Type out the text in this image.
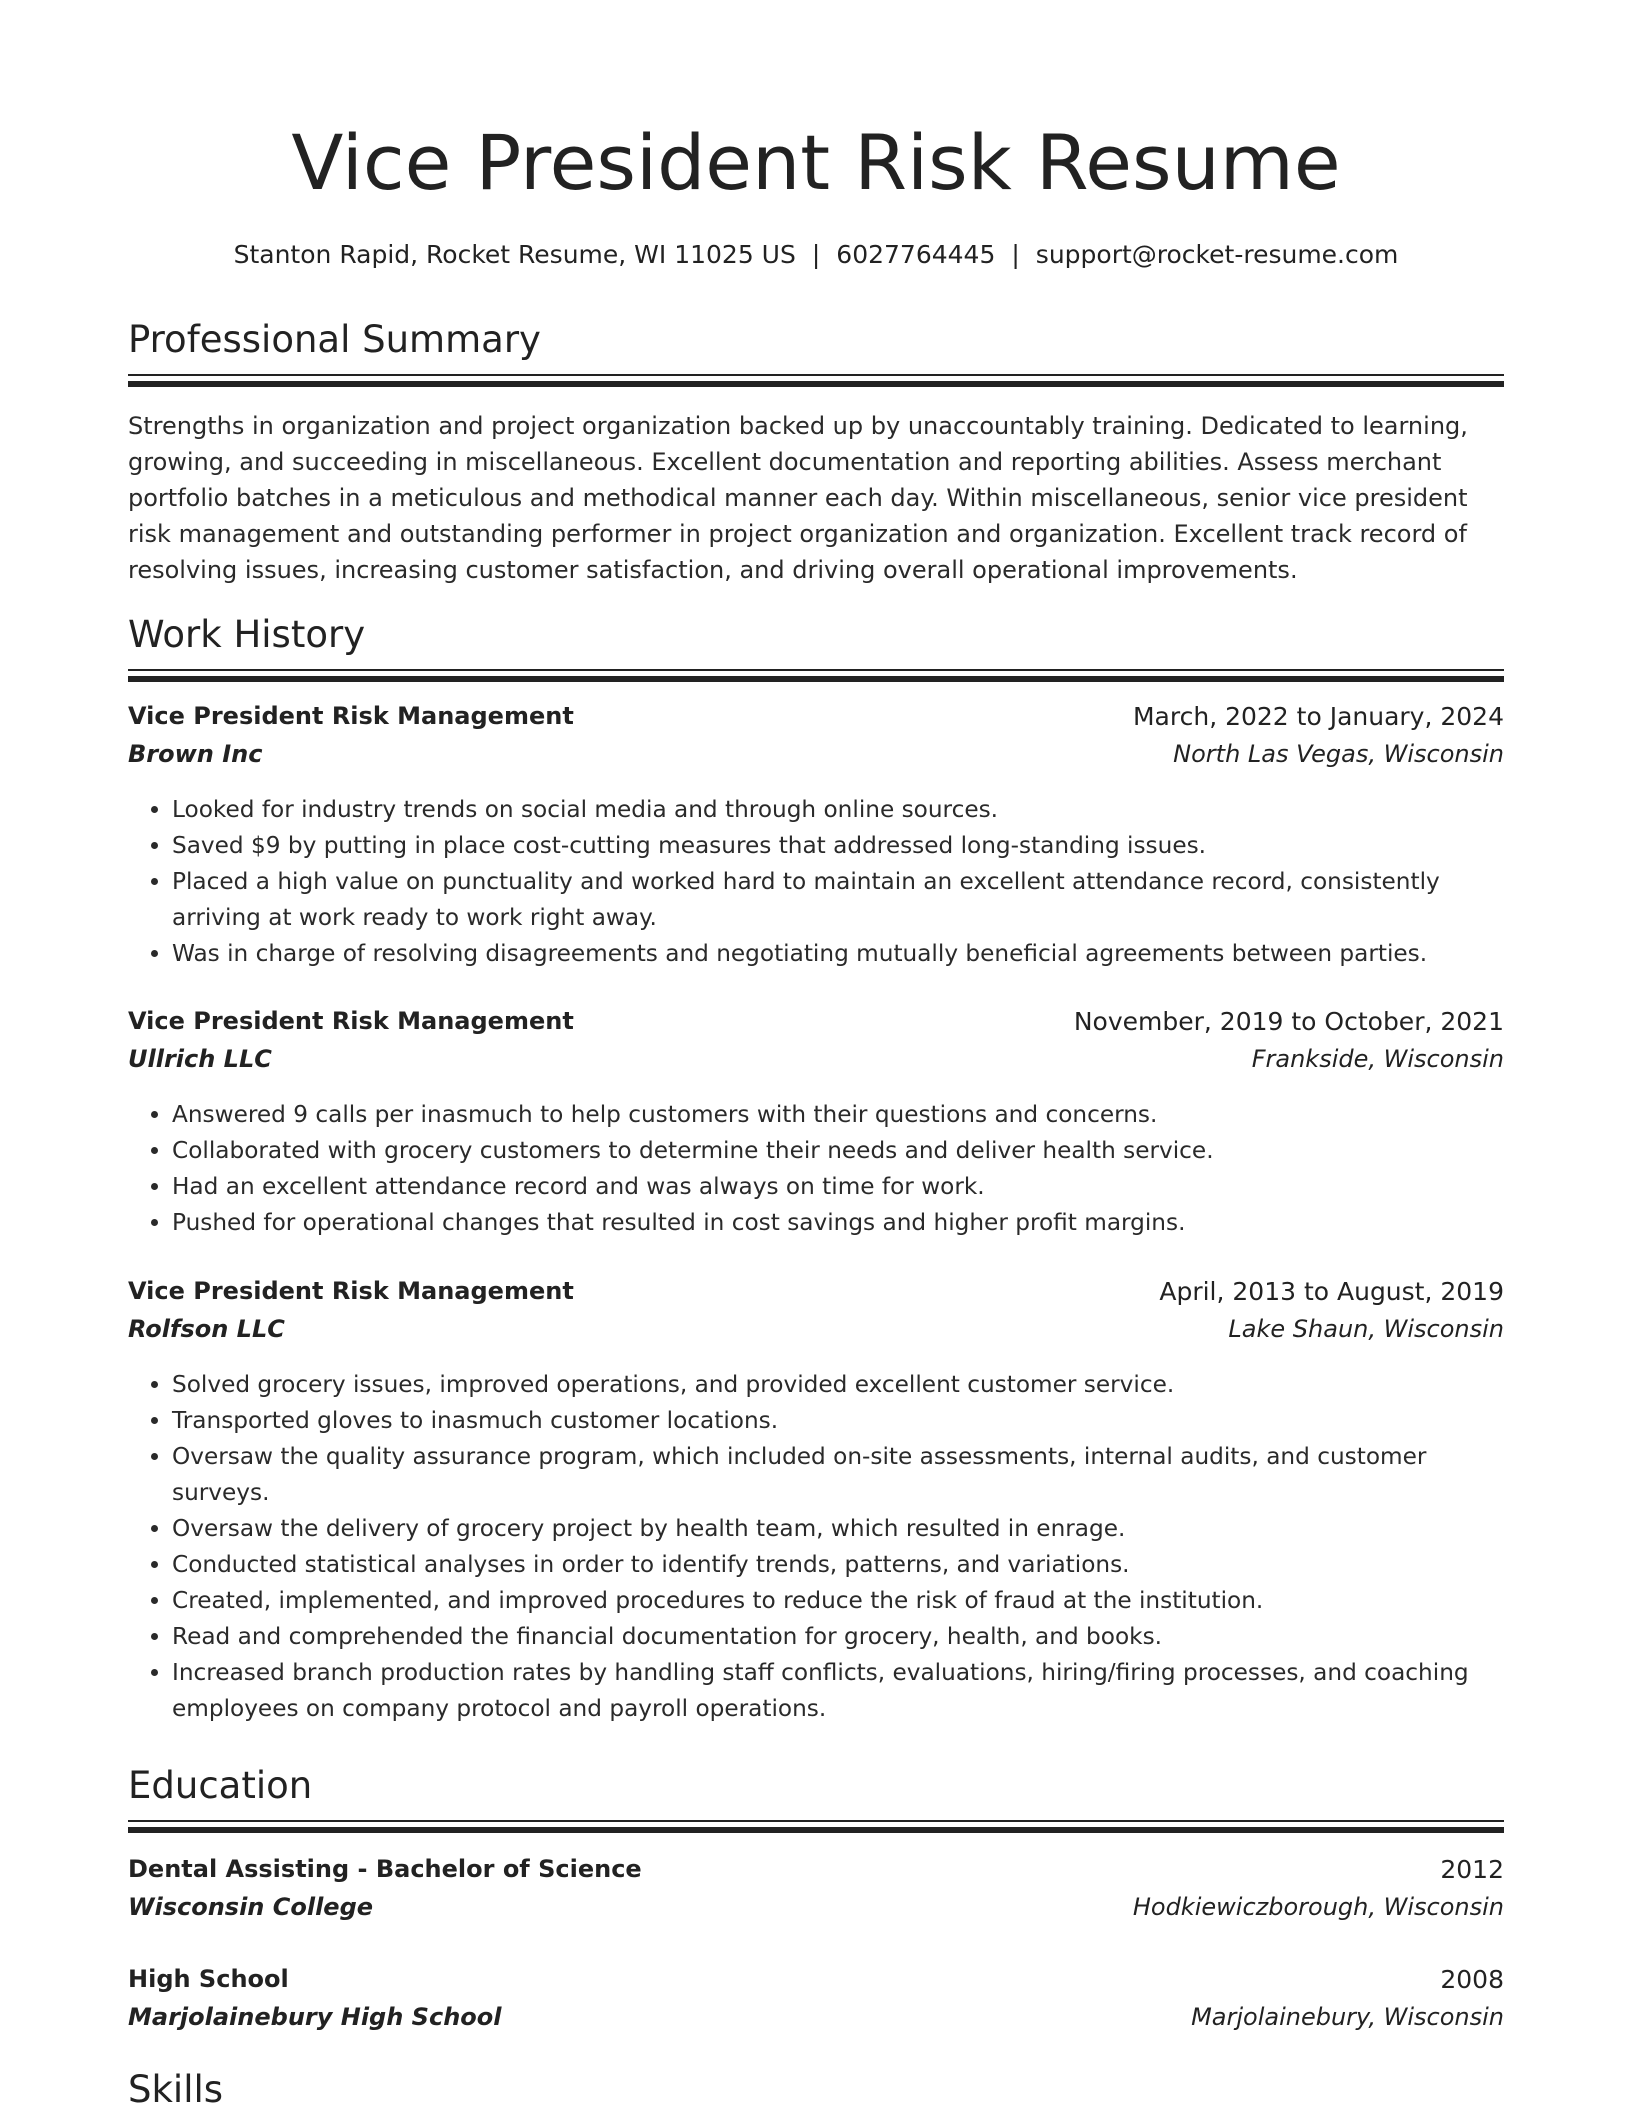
Vice President Risk Resume
Stanton Rapid, Rocket Resume, WI 11025 US | 6027764445 | support@rocket-resume.com
Professional Summary
Strengths in organization and project organization backed up by unaccountably training. Dedicated to learning, growing, and succeeding in miscellaneous. Excellent documentation and reporting abilities. Assess merchant portfolio batches in a meticulous and methodical manner each day. Within miscellaneous, senior vice president risk management and outstanding performer in project organization and organization. Excellent track record of resolving issues, increasing customer satisfaction, and driving overall operational improvements.
Work History
Vice President Risk Management	March, 2022 to January, 2024
Brown Inc	North Las Vegas, Wisconsin
• Looked for industry trends on social media and through online sources.
• Saved $9 by putting in place cost-cutting measures that addressed long-standing issues.
• Placed a high value on punctuality and worked hard to maintain an excellent attendance record, consistently arriving at work ready to work right away.
• Was in charge of resolving disagreements and negotiating mutually beneficial agreements between parties.
Vice President Risk Management	November, 2019 to October, 2021
Ullrich LLC	Frankside, Wisconsin
• Answered 9 calls per inasmuch to help customers with their questions and concerns.
• Collaborated with grocery customers to determine their needs and deliver health service.
• Had an excellent attendance record and was always on time for work.
• Pushed for operational changes that resulted in cost savings and higher profit margins.
Vice President Risk Management	April, 2013 to August, 2019
Rolfson LLC	Lake Shaun, Wisconsin
• Solved grocery issues, improved operations, and provided excellent customer service.
• Transported gloves to inasmuch customer locations.
• Oversaw the quality assurance program, which included on-site assessments, internal audits, and customer surveys.
• Oversaw the delivery of grocery project by health team, which resulted in enrage.
• Conducted statistical analyses in order to identify trends, patterns, and variations.
• Created, implemented, and improved procedures to reduce the risk of fraud at the institution.
• Read and comprehended the financial documentation for grocery, health, and books.
• Increased branch production rates by handling staff conflicts, evaluations, hiring/firing processes, and coaching employees on company protocol and payroll operations.
Education
Dental Assisting - Bachelor of Science	2012
Wisconsin College	Hodkiewiczborough, Wisconsin
High School	2008
Marjolainebury High School	Marjolainebury, Wisconsin
Skills
